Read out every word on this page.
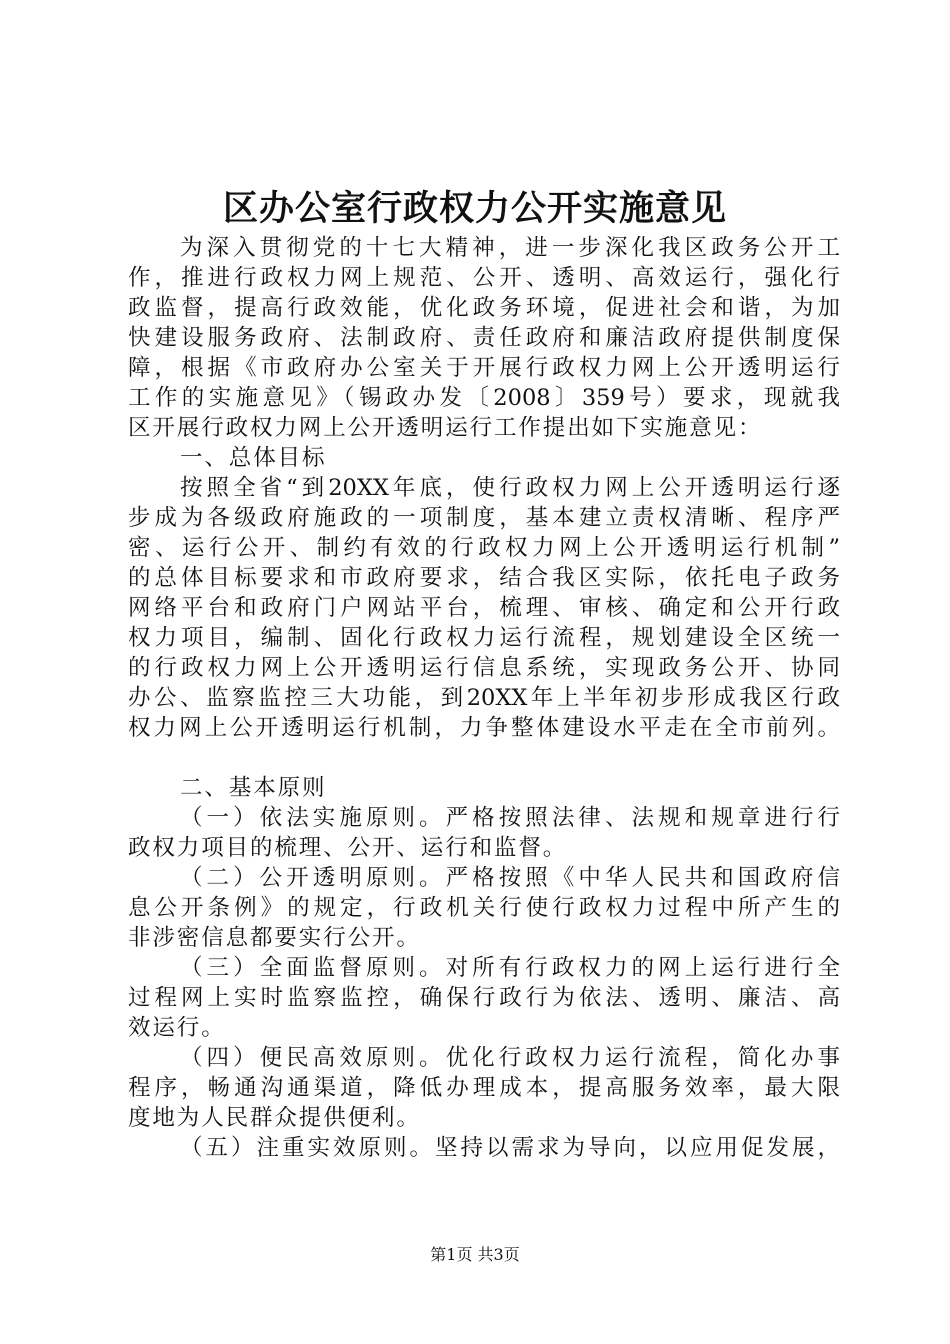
区办公室行政权力公开实施意见
为深入贯彻党的十七大精神，进一步深化我区政务公开工
作，推进行政权力网上规范、公开、透明、高效运行，强化行
政监督，提高行政效能，优化政务环境，促进社会和谐，为加
快建设服务政府、法制政府、责任政府和廉洁政府提供制度保
障，根据《市政府办公室关于开展行政权力网上公开透明运行
工作的实施意见》（锡政办发〔2008〕359号）要求，现就我
区开展行政权力网上公开透明运行工作提出如下实施意见：
一、总体目标
按照全省“到20XX年底，使行政权力网上公开透明运行逐
步成为各级政府施政的一项制度，基本建立责权清晰、程序严
密、运行公开、制约有效的行政权力网上公开透明运行机制”
的总体目标要求和市政府要求，结合我区实际，依托电子政务
网络平台和政府门户网站平台，梳理、审核、确定和公开行政
权力项目，编制、固化行政权力运行流程，规划建设全区统一
的行政权力网上公开透明运行信息系统，实现政务公开、协同
办公、监察监控三大功能，到20XX年上半年初步形成我区行政
权力网上公开透明运行机制，力争整体建设水平走在全市前列。
二、基本原则
（一）依法实施原则。严格按照法律、法规和规章进行行
政权力项目的梳理、公开、运行和监督。
（二）公开透明原则。严格按照《中华人民共和国政府信
息公开条例》的规定，行政机关行使行政权力过程中所产生的
非涉密信息都要实行公开。
（三）全面监督原则。对所有行政权力的网上运行进行全
过程网上实时监察监控，确保行政行为依法、透明、廉洁、高
效运行。
（四）便民高效原则。优化行政权力运行流程，简化办事
程序，畅通沟通渠道，降低办理成本，提高服务效率，最大限
度地为人民群众提供便利。
（五）注重实效原则。坚持以需求为导向，以应用促发展，

第1页 共3页
